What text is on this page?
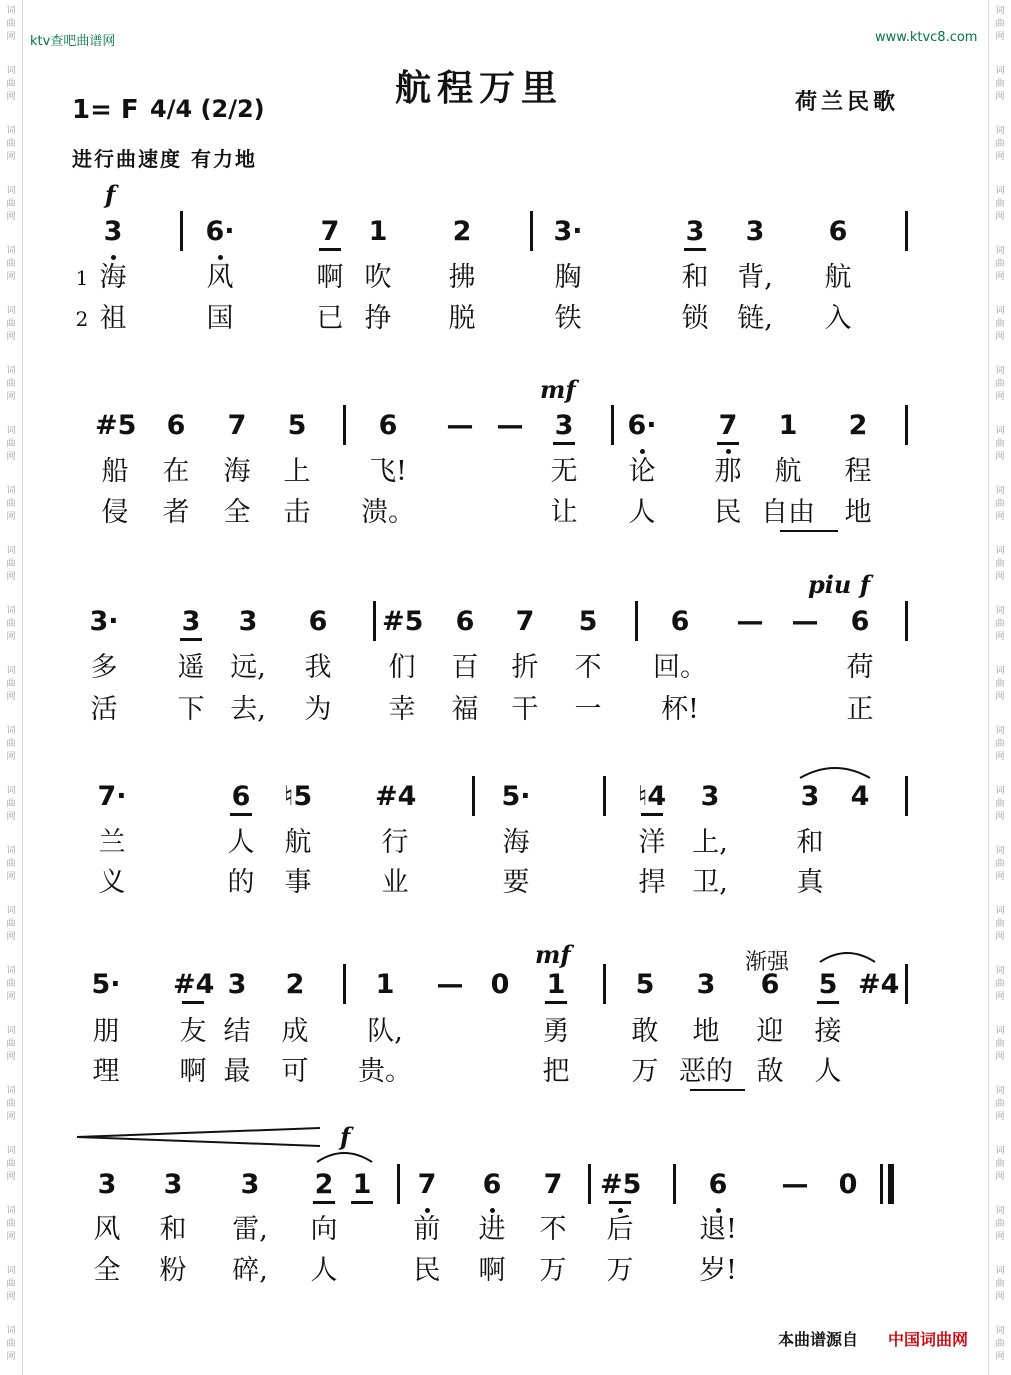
词
曲
网
词
曲
网
词
曲
网
词
曲
网
词
曲
网
词
曲
网
词
曲
网
词
曲
网
词
曲
网
词
曲
网
词
曲
网
词
曲
网
词
曲
网
词
曲
网
词
曲
网
词
曲
网
词
曲
网
词
曲
网
词
曲
网
词
曲
网
词
曲
网
词
曲
网
词
曲
网
词
曲
网
词
曲
网
词
曲
网
词
曲
网
词
曲
网
词
曲
网
词
曲
网
词
曲
网
词
曲
网
词
曲
网
词
曲
网
词
曲
网
词
曲
网
词
曲
网
词
曲
网
词
曲
网
词
曲
网
词
曲
网
词
曲
网
词
曲
网
词
曲
网
词
曲
网
词
曲
网
ktv查吧曲谱网	www.ktvc8.com
航程万里	荷兰民歌
1= F 4/4 (2/2)
进行曲速度 有力地
f
mf
piu f
mf	渐强
f
3	6·	7	1	2	3·	3	3	6
海	风	啊 吹 拂	胸	和	背,	航
祖	国	已 挣 脱	铁	锁	链,	入
#5	6	7	5	6	— —	3	6·	7	1	2
船 在 海 上	飞!	无 论 那 航 程
侵 者 全 击 溃。	让 人 民 自由 地
3·	3	3	6	#5	6	7	5	6	— —	6
多 遥 远,	我 们 百 折 不 回。	荷
活 下 去,	为 幸 福 干 一	杯!	正
7·	6	♮5 #4	5·	♮4	3	3	4
兰	人 航	行	海	洋 上,	和
义	的 事	业	要	捍 卫,	真
5· #4 3	2	1	—	0	1	5	3	6	5 #4
朋 友 结 成	队,	勇 敢 地 迎 接
理 啊 最 可 贵。	把 万 恶的 敌 人
3	3	3	2 1	7	6	7	#5	6	—	0
风 和	雷,	向	前 进 不 后	退!
全 粉	碎,	人	民 啊 万 万	岁!
1
2
本曲谱源自 中国词曲网
